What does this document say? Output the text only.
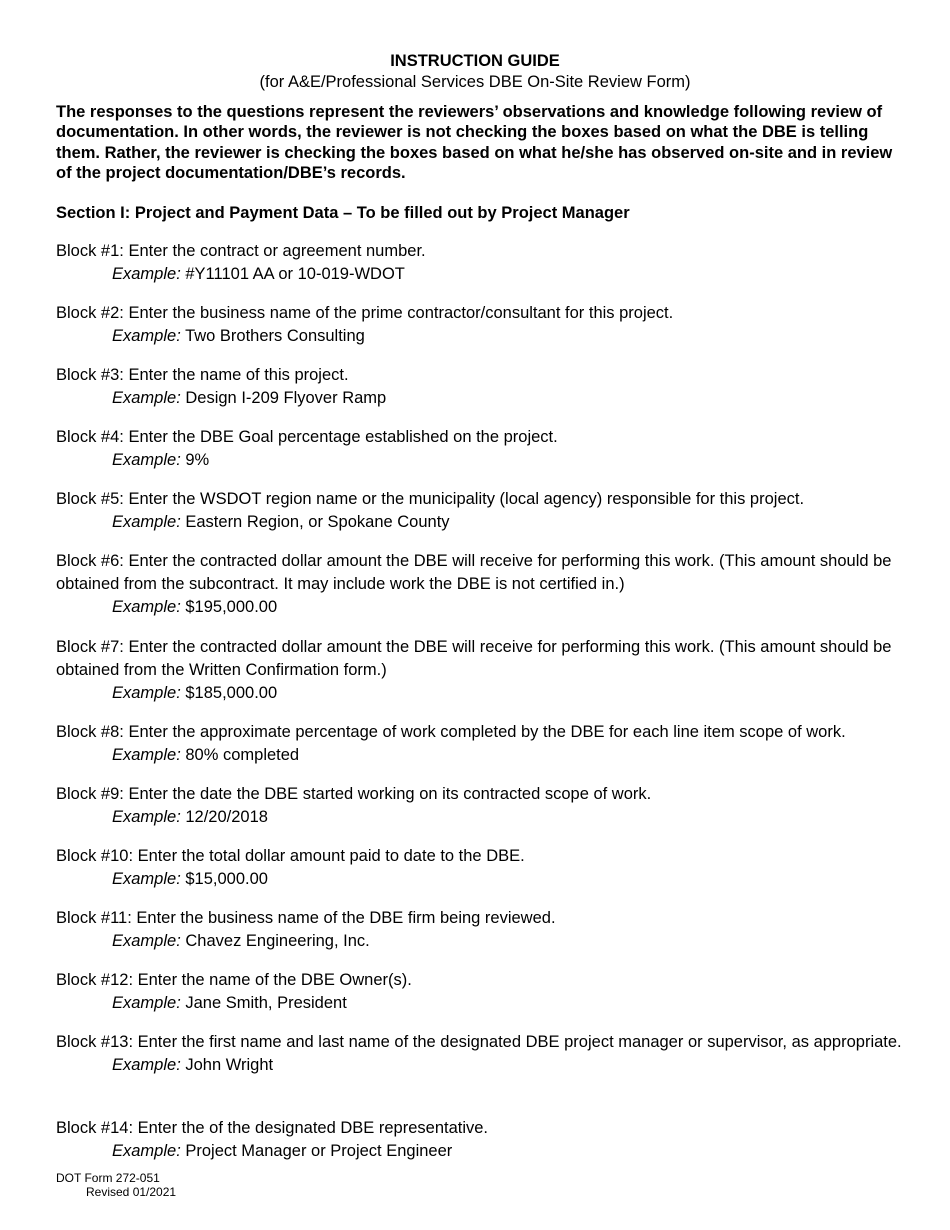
INSTRUCTION GUIDE
(for A&E/Professional Services DBE On-Site Review Form)
The responses to the questions represent the reviewers’ observations and knowledge following review of documentation. In other words, the reviewer is not checking the boxes based on what the DBE is telling them. Rather, the reviewer is checking the boxes based on what he/she has observed on-site and in review of the project documentation/DBE’s records.
Section I: Project and Payment Data – To be filled out by Project Manager
Block #1: Enter the contract or agreement number.
Example: #Y11101 AA or 10-019-WDOT
Block #2: Enter the business name of the prime contractor/consultant for this project.
Example: Two Brothers Consulting
Block #3: Enter the name of this project.
Example: Design I-209 Flyover Ramp
Block #4: Enter the DBE Goal percentage established on the project.
Example: 9%
Block #5: Enter the WSDOT region name or the municipality (local agency) responsible for this project.
Example: Eastern Region, or Spokane County
Block #6: Enter the contracted dollar amount the DBE will receive for performing this work. (This amount should be obtained from the subcontract. It may include work the DBE is not certified in.)
Example: $195,000.00
Block #7: Enter the contracted dollar amount the DBE will receive for performing this work. (This amount should be obtained from the Written Confirmation form.)
Example: $185,000.00
Block #8: Enter the approximate percentage of work completed by the DBE for each line item scope of work.
Example: 80% completed
Block #9: Enter the date the DBE started working on its contracted scope of work.
Example: 12/20/2018
Block #10: Enter the total dollar amount paid to date to the DBE.
Example: $15,000.00
Block #11: Enter the business name of the DBE firm being reviewed.
Example: Chavez Engineering, Inc.
Block #12: Enter the name of the DBE Owner(s).
Example: Jane Smith, President
Block #13: Enter the first name and last name of the designated DBE project manager or supervisor, as appropriate.
Example: John Wright
Block #14: Enter the of the designated DBE representative.
Example: Project Manager or Project Engineer
DOT Form 272-051
Revised 01/2021
